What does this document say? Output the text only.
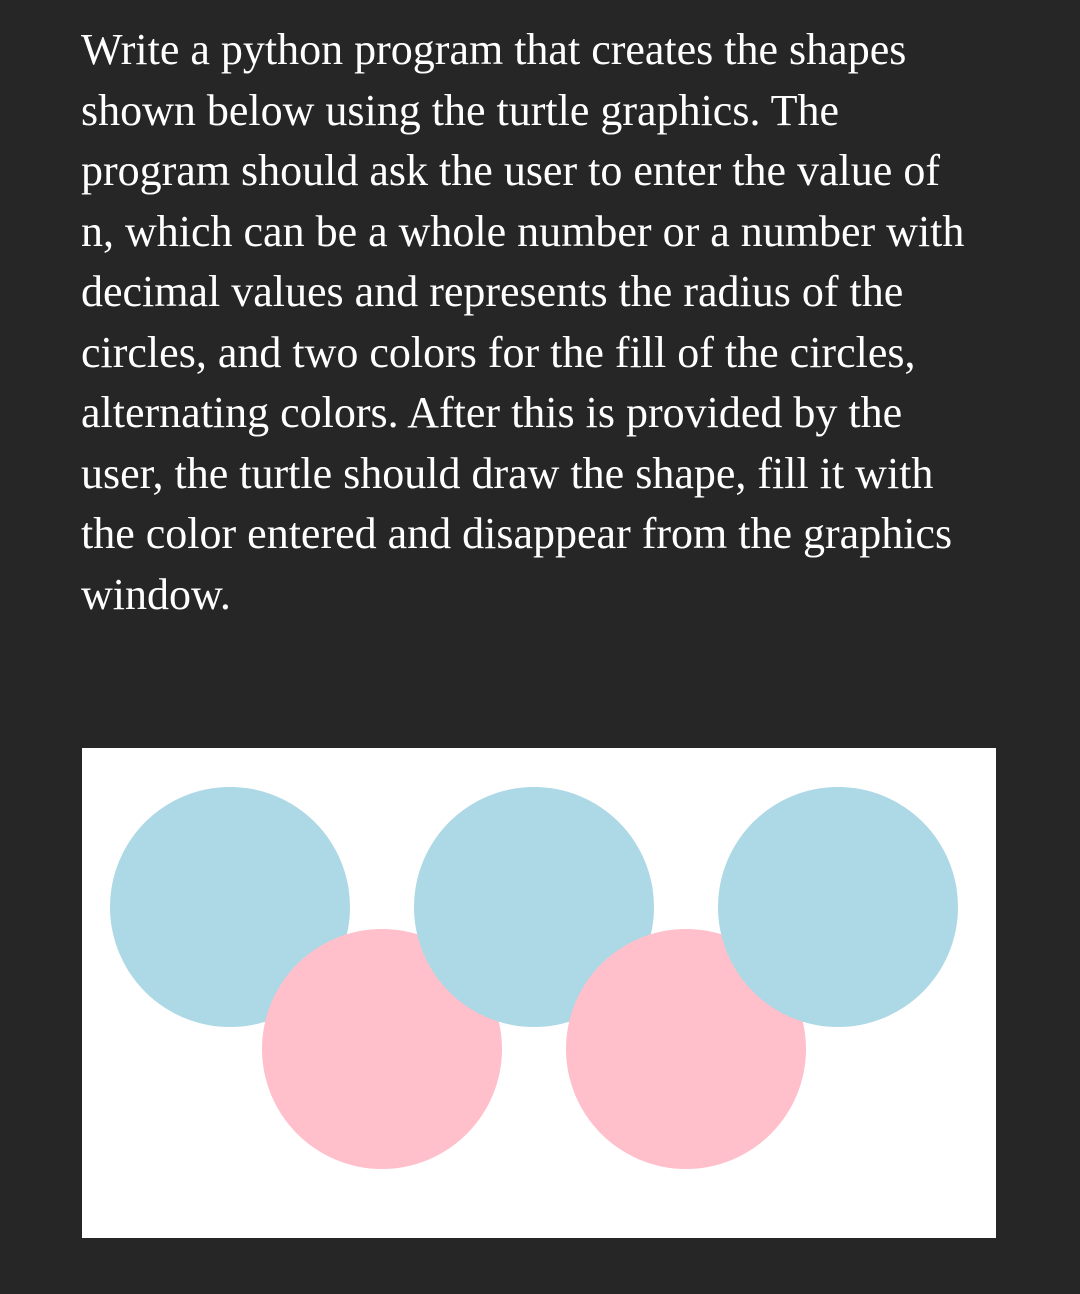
Write a python program that creates the shapes
shown below using the turtle graphics. The
program should ask the user to enter the value of
n, which can be a whole number or a number with
decimal values and represents the radius of the
circles, and two colors for the fill of the circles,
alternating colors. After this is provided by the
user, the turtle should draw the shape, fill it with
the color entered and disappear from the graphics
window.
